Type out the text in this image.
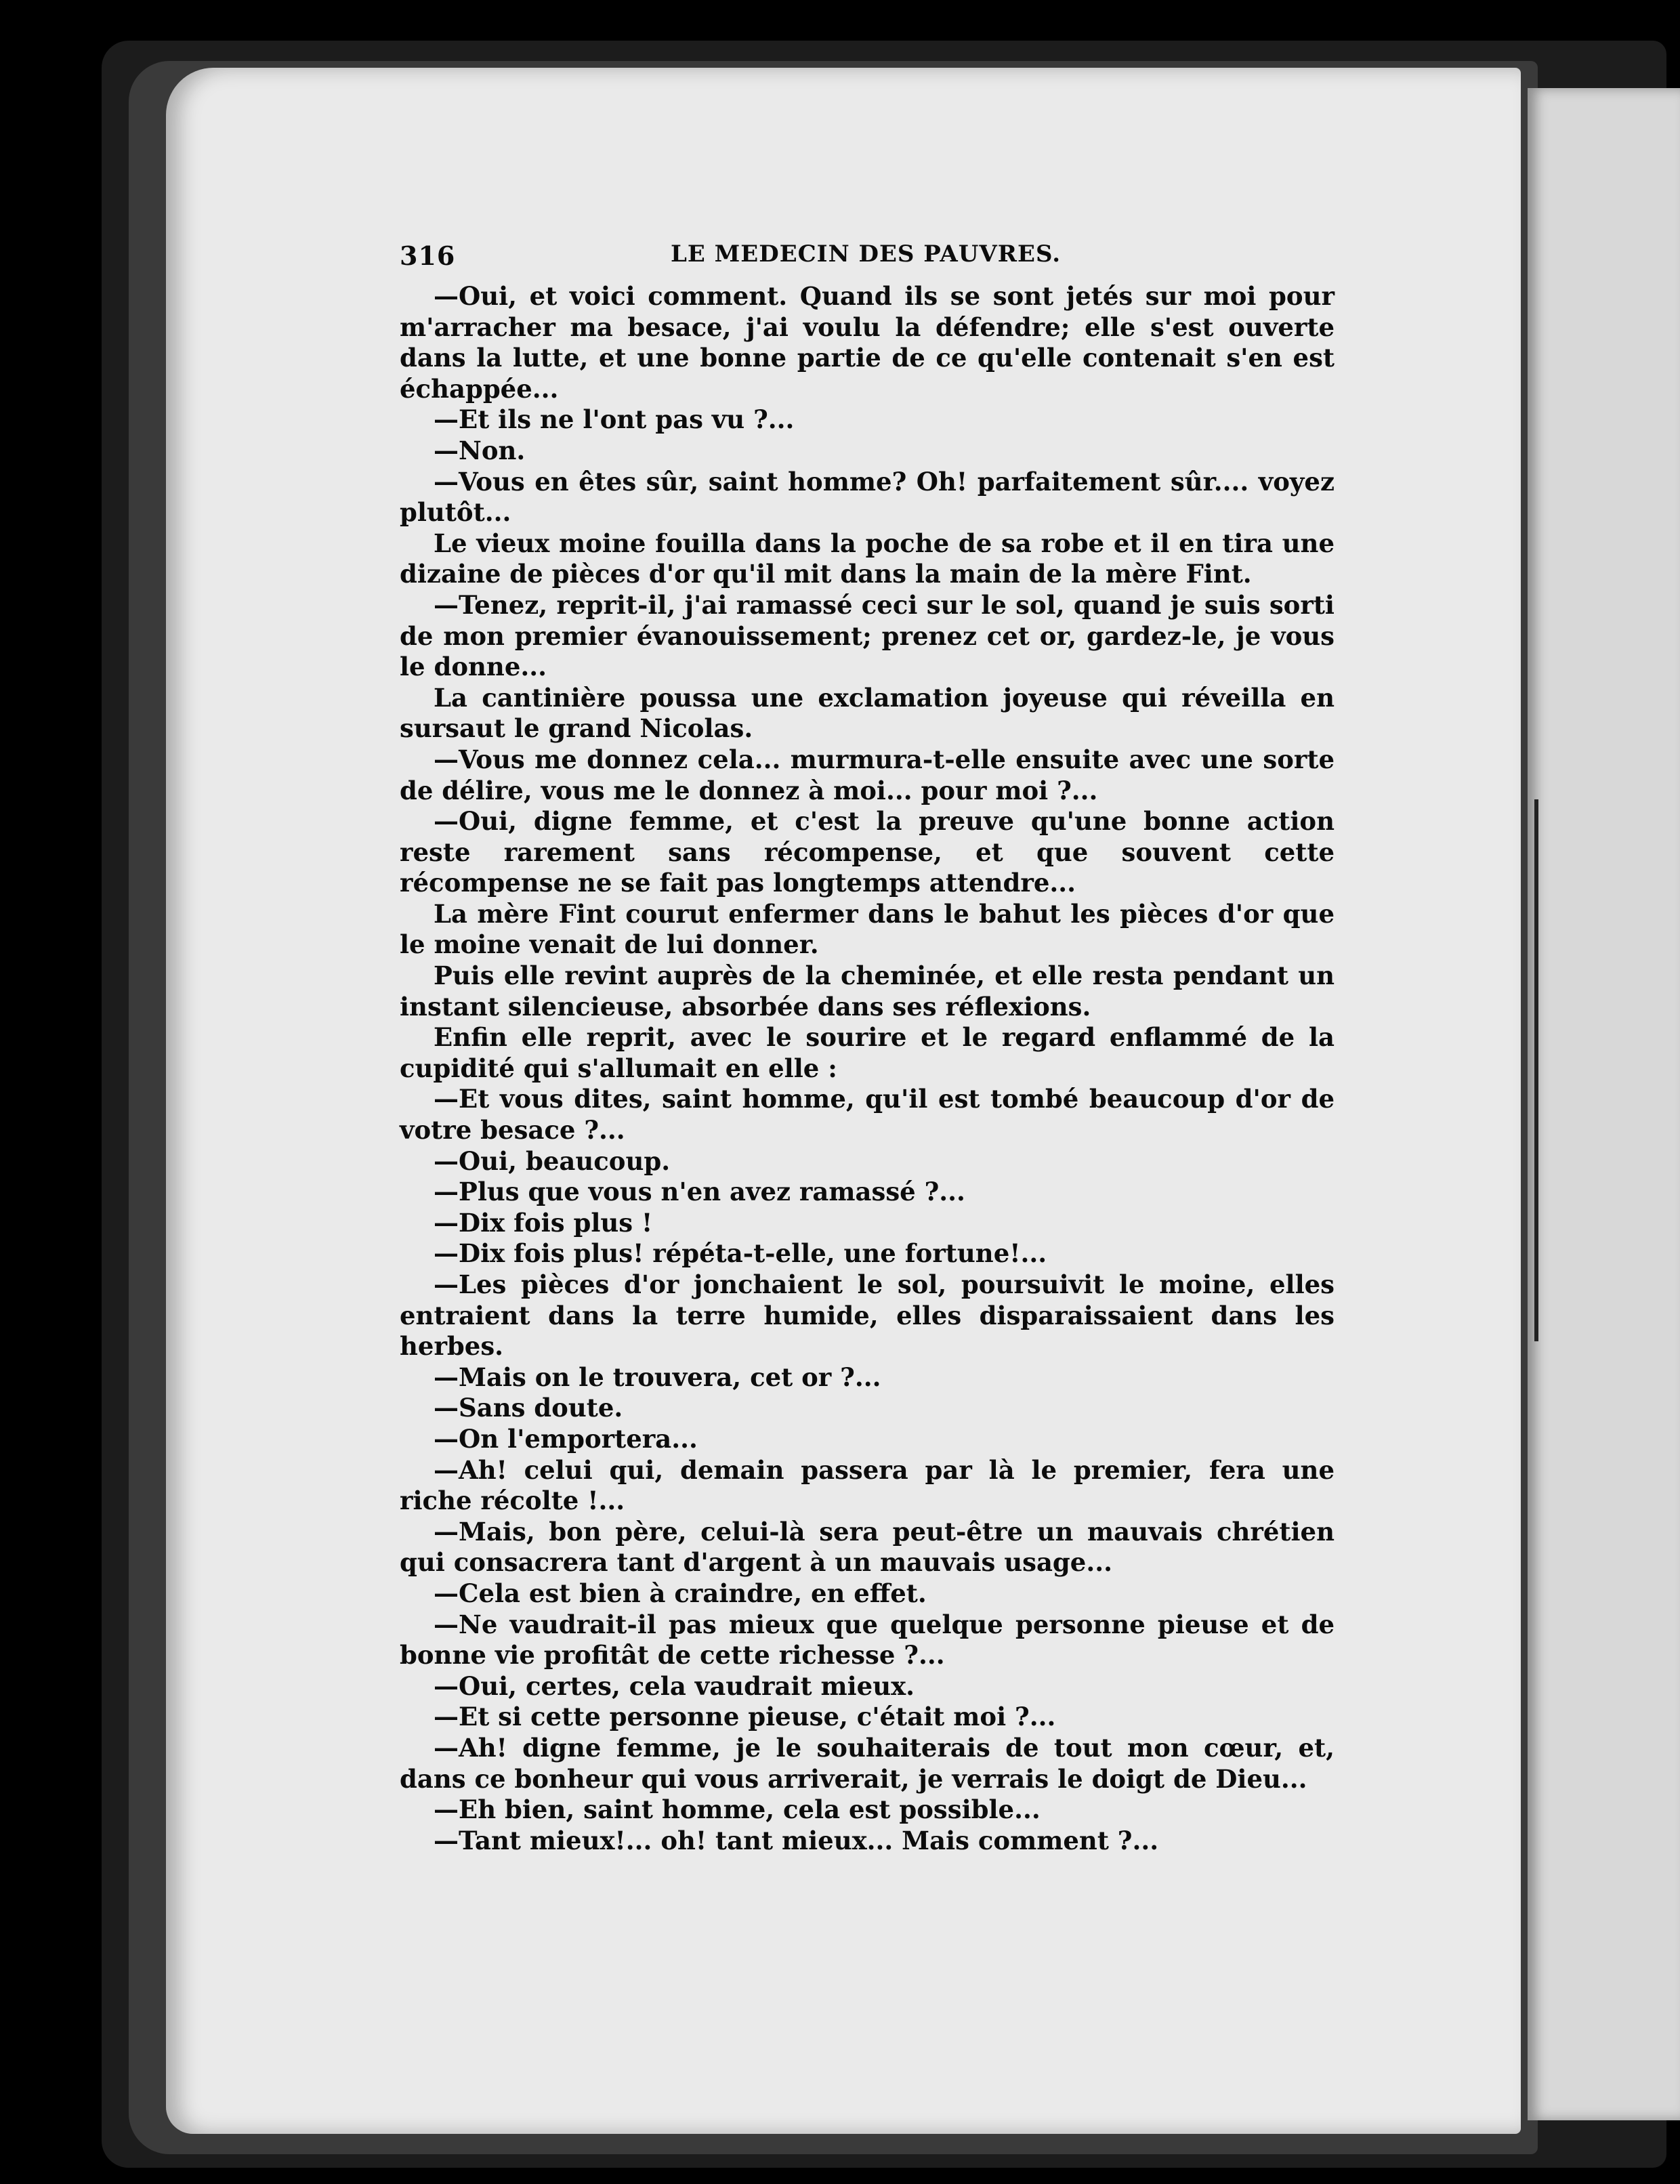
316	LE MEDECIN DES PAUVRES.

—Oui, et voici comment. Quand ils se sont jetés sur moi pour m'arracher ma besace, j'ai voulu la défendre; elle s'est ouverte dans la lutte, et une bonne partie de ce qu'elle contenait s'en est échappée...

—Et ils ne l'ont pas vu ?...

—Non.

—Vous en êtes sûr, saint homme? Oh! parfaitement sûr.... voyez plutôt...

Le vieux moine fouilla dans la poche de sa robe et il en tira une dizaine de pièces d'or qu'il mit dans la main de la mère Fint.

—Tenez, reprit-il, j'ai ramassé ceci sur le sol, quand je suis sorti de mon premier évanouissement; prenez cet or, gardez-le, je vous le donne...

La cantinière poussa une exclamation joyeuse qui réveilla en sursaut le grand Nicolas.

—Vous me donnez cela... murmura-t-elle ensuite avec une sorte de délire, vous me le donnez à moi... pour moi ?...

—Oui, digne femme, et c'est la preuve qu'une bonne action reste rarement sans récompense, et que souvent cette récompense ne se fait pas longtemps attendre...

La mère Fint courut enfermer dans le bahut les pièces d'or que le moine venait de lui donner.

Puis elle revint auprès de la cheminée, et elle resta pendant un instant silencieuse, absorbée dans ses réflexions.

Enfin elle reprit, avec le sourire et le regard enflammé de la cupidité qui s'allumait en elle :

—Et vous dites, saint homme, qu'il est tombé beaucoup d'or de votre besace ?...

—Oui, beaucoup.

—Plus que vous n'en avez ramassé ?...

—Dix fois plus !

—Dix fois plus! répéta-t-elle, une fortune!...

—Les pièces d'or jonchaient le sol, poursuivit le moine, elles entraient dans la terre humide, elles disparaissaient dans les herbes.

—Mais on le trouvera, cet or ?...

—Sans doute.

—On l'emportera...

—Ah! celui qui, demain passera par là le premier, fera une riche récolte !...

—Mais, bon père, celui-là sera peut-être un mauvais chrétien qui consacrera tant d'argent à un mauvais usage...

—Cela est bien à craindre, en effet.

—Ne vaudrait-il pas mieux que quelque personne pieuse et de bonne vie profitât de cette richesse ?...

—Oui, certes, cela vaudrait mieux.

—Et si cette personne pieuse, c'était moi ?...

—Ah! digne femme, je le souhaiterais de tout mon cœur, et, dans ce bonheur qui vous arriverait, je verrais le doigt de Dieu...

—Eh bien, saint homme, cela est possible...

—Tant mieux!... oh! tant mieux... Mais comment ?...
